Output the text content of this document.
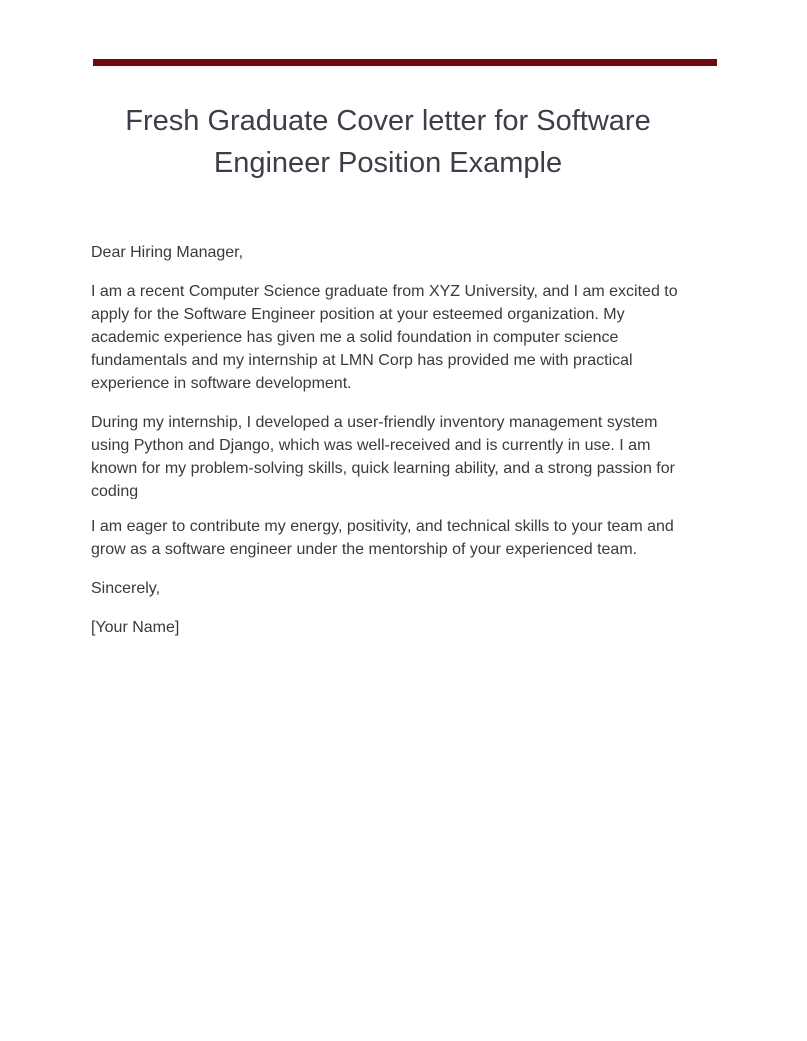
Fresh Graduate Cover letter for Software Engineer Position Example

Dear Hiring Manager,

I am a recent Computer Science graduate from XYZ University, and I am excited to apply for the Software Engineer position at your esteemed organization. My academic experience has given me a solid foundation in computer science fundamentals and my internship at LMN Corp has provided me with practical experience in software development.

During my internship, I developed a user-friendly inventory management system using Python and Django, which was well-received and is currently in use. I am known for my problem-solving skills, quick learning ability, and a strong passion for
coding

I am eager to contribute my energy, positivity, and technical skills to your team and grow as a software engineer under the mentorship of your experienced team.

Sincerely,

[Your Name]
